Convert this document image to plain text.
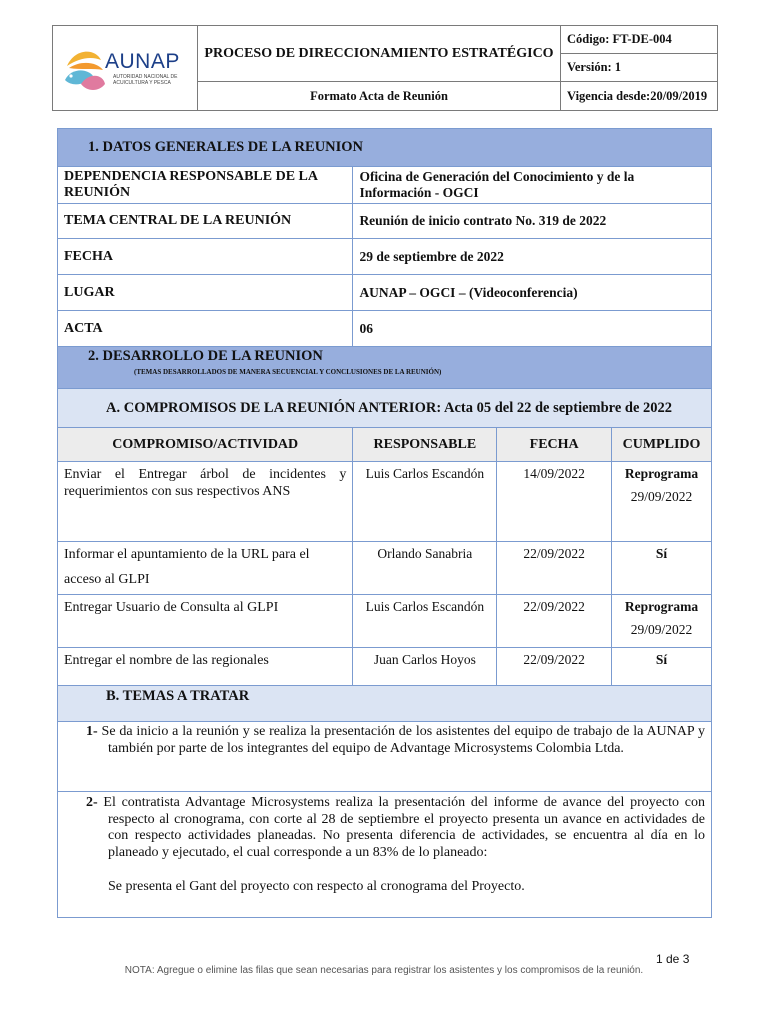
AUNAP
AUTORIDAD NACIONAL DE ACUICULTURA Y PESCA	PROCESO DE DIRECCIONAMIENTO ESTRATÉGICO	Código: FT-DE-004
		Versión: 1
	Formato Acta de Reunión	Vigencia desde:20/09/2019
1. DATOS GENERALES DE LA REUNION			
DEPENDENCIA RESPONSABLE DE LA REUNIÓN	Oficina de Generación del Conocimiento y de la Información - OGCI		
TEMA CENTRAL DE LA REUNIÓN	Reunión de inicio contrato No. 319 de 2022		
FECHA	29 de septiembre de 2022		
LUGAR	AUNAP – OGCI – (Videoconferencia)		
ACTA	06		
2. DESARROLLO DE LA REUNION
(TEMAS DESARROLLADOS DE MANERA SECUENCIAL Y CONCLUSIONES DE LA REUNIÓN)			

A. COMPROMISOS DE LA REUNIÓN ANTERIOR: Acta 05 del 22 de septiembre de 2022			
COMPROMISO/ACTIVIDAD	RESPONSABLE	FECHA	CUMPLIDO
Enviar el Entregar árbol de incidentes y requerimientos con sus respectivos ANS	Luis Carlos Escandón	14/09/2022	Reprograma
29/09/2022

Informar el apuntamiento de la URL para el acceso al GLPI	Orlando Sanabria	22/09/2022	Sí
Entregar Usuario de Consulta al GLPI	Luis Carlos Escandón	22/09/2022	Reprograma
29/09/2022

Entregar el nombre de las regionales	Juan Carlos Hoyos	22/09/2022	Sí
B. TEMAS A TRATAR			
1- Se da inicio a la reunión y se realiza la presentación de los asistentes del equipo de trabajo de la AUNAP y también por parte de los integrantes del equipo de Advantage Microsystems Colombia Ltda.			
2- El contratista Advantage Microsystems realiza la presentación del informe de avance del proyecto con respecto al cronograma, con corte al 28 de septiembre el proyecto presenta un avance en actividades de con respecto actividades planeadas. No presenta diferencia de actividades, se encuentra al día en lo planeado y ejecutado, el cual corresponde a un 83% de lo planeado:
Se presenta el Gant del proyecto con respecto al cronograma del Proyecto.			
1 de 3
NOTA: Agregue o elimine las filas que sean necesarias para registrar los asistentes y los compromisos de la reunión.
